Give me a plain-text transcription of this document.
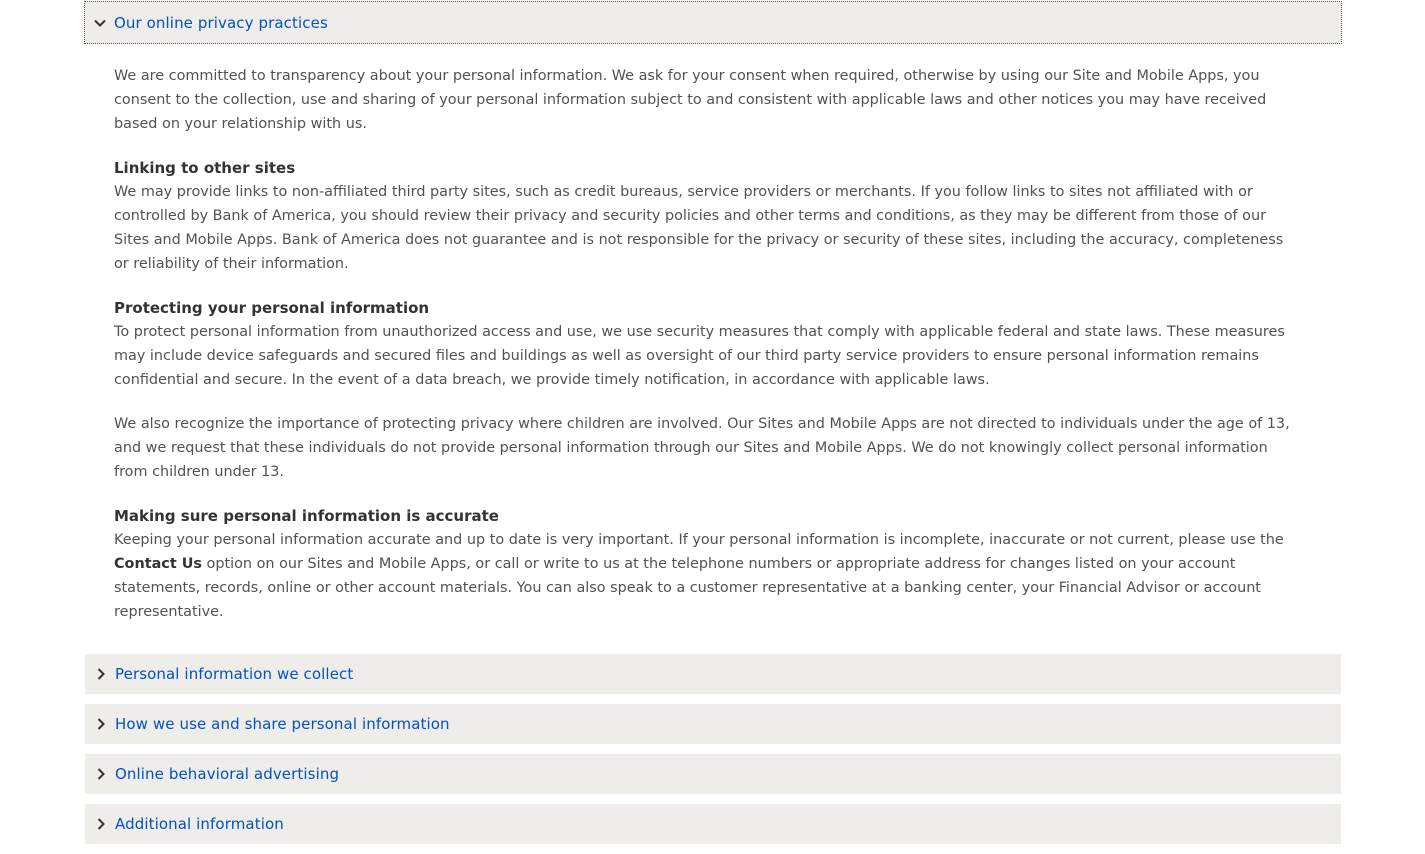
Our online privacy practices

We are committed to transparency about your personal information. We ask for your consent when required, otherwise by using our Site and Mobile Apps, you consent to the collection, use and sharing of your personal information subject to and consistent with applicable laws and other notices you may have received based on your relationship with us.

Linking to other sites
We may provide links to non-affiliated third party sites, such as credit bureaus, service providers or merchants. If you follow links to sites not affiliated with or controlled by Bank of America, you should review their privacy and security policies and other terms and conditions, as they may be different from those of our Sites and Mobile Apps. Bank of America does not guarantee and is not responsible for the privacy or security of these sites, including the accuracy, completeness or reliability of their information.
Protecting your personal information
To protect personal information from unauthorized access and use, we use security measures that comply with applicable federal and state laws. These measures may include device safeguards and secured files and buildings as well as oversight of our third party service providers to ensure personal information remains confidential and secure. In the event of a data breach, we provide timely notification, in accordance with applicable laws.

We also recognize the importance of protecting privacy where children are involved. Our Sites and Mobile Apps are not directed to individuals under the age of 13, and we request that these individuals do not provide personal information through our Sites and Mobile Apps. We do not knowingly collect personal information from children under 13.

Making sure personal information is accurate
Keeping your personal information accurate and up to date is very important. If your personal information is incomplete, inaccurate or not current, please use the Contact Us option on our Sites and Mobile Apps, or call or write to us at the telephone numbers or appropriate address for changes listed on your account statements, records, online or other account materials. You can also speak to a customer representative at a banking center, your Financial Advisor or account representative.
Personal information we collect
How we use and share personal information
Online behavioral advertising
Additional information
